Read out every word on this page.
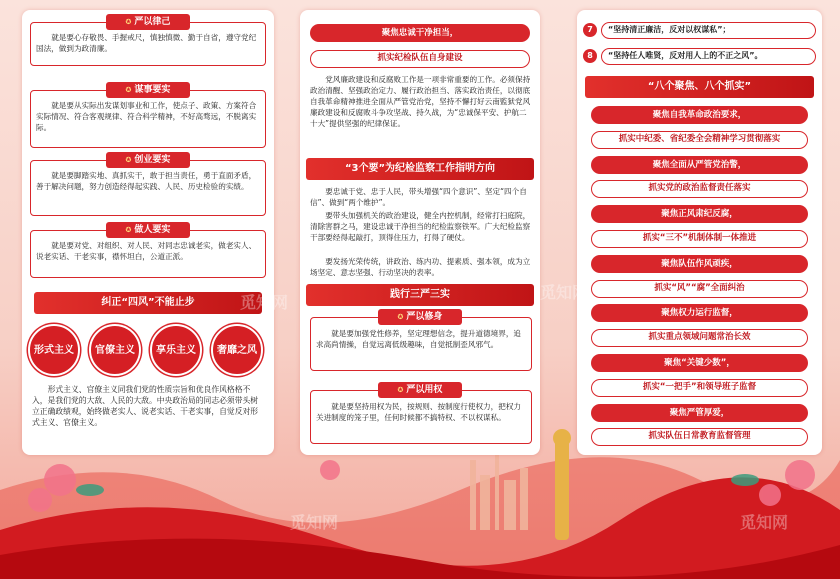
✪ 严以律己
就是要心存敬畏、手握戒尺，慎独慎微、勤于自省，遵守党纪国法，做到为政清廉。
✪ 谋事要实
就是要从实际出发谋划事业和工作，使点子、政策、方案符合实际情况、符合客观规律、符合科学精神，不好高骛远，不脱离实际。
✪ 创业要实
就是要脚踏实地、真抓实干，敢于担当责任，勇于直面矛盾，善于解决问题，努力创造经得起实践、人民、历史检验的实绩。
✪ 做人要实
就是要对党、对组织、对人民、对同志忠诚老实，做老实人、说老实话、干老实事，襟怀坦白，公道正派。
纠正“四风”不能止步
形式主义	官僚主义	享乐主义	奢靡之风
形式主义、官僚主义同我们党的性质宗旨和优良作风格格不入，是我们党的大敌、人民的大敌。中央政治局的同志必须带头树立正确政绩观，始终做老实人、说老实话、干老实事，自觉反对形式主义、官僚主义。
聚焦忠诚干净担当，
抓实纪检队伍自身建设
党风廉政建设和反腐败工作是一项非常重要的工作。必须保持政治清醒、坚强政治定力、履行政治担当、落实政治责任，以彻底自我革命精神推进全面从严管党治党，坚持不懈打好云南監狱党风廉政建设和反腐败斗争攻坚战、持久战，为“忠诚保平安、护航二十大”提供坚强的纪律保证。
“3个要”为纪检监察工作指明方向
要忠诚于党、忠于人民，带头增强“四个意识”、坚定“四个自信”、做到“两个维护”。
要带头加强机关的政治建设，健全内控机制，经常打扫庭院，清除害群之马，建设忠诚干净担当的纪检监察铁军。广大纪检监察干部要经得起敲打，顶得住压力，打得了硬仗。
要发扬光荣传统，讲政治、练内功、提素质、强本领，成为立场坚定、意志坚强、行动坚决的表率。
践行三严三实
✪ 严以修身
就是要加强党性修养，坚定理想信念，提升道德境界，追求高尚情操，自觉远离低级趣味，自觉抵制歪风邪气。
✪ 严以用权
就是要坚持用权为民，按规则、按制度行使权力，把权力关进制度的笼子里，任何时候都不搞特权、不以权谋私。
7	“坚持清正廉洁，反对以权谋私”；
8	“坚持任人唯贤，反对用人上的不正之风”。
“八个聚焦、八个抓实”
聚焦自我革命政治要求，
抓实中纪委、省纪委全会精神学习贯彻落实
聚焦全面从严管党治警，
抓实党的政治监督责任落实
聚焦正风肃纪反腐，
抓实“三不”机制体制一体推进
聚焦队伍作风顽疾，
抓实“风”“腐”全面纠治
聚焦权力运行监督，
抓实重点领域问题常治长效
聚焦“关键少数”，
抓实“一把手”和领导班子监督
聚焦严管厚爱，
抓实队伍日常教育监督管理
觅知网
觅知网
觅知网	觅知网
